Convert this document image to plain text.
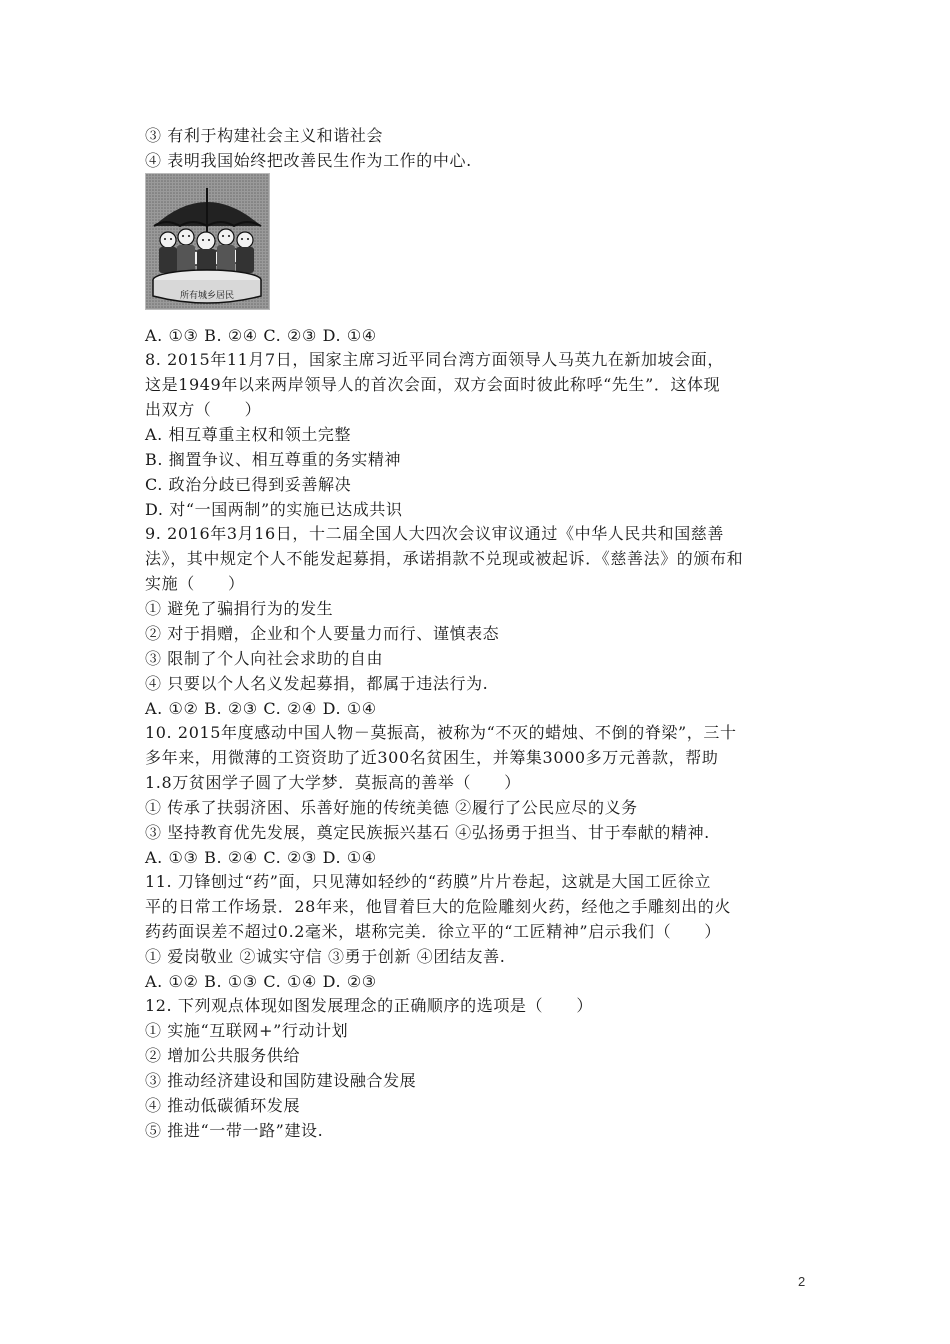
③ 有利于构建社会主义和谐社会
④ 表明我国始终把改善民生作为工作的中心.
所有城乡居民
A. ①③ B. ②④ C. ②③ D. ①④
8. 2015年11月7日，国家主席习近平同台湾方面领导人马英九在新加坡会面，
这是1949年以来两岸领导人的首次会面，双方会面时彼此称呼“先生”．这体现
出双方（　　）
A. 相互尊重主权和领土完整
B. 搁置争议、相互尊重的务实精神
C. 政治分歧已得到妥善解决
D. 对“一国两制”的实施已达成共识
9. 2016年3月16日，十二届全国人大四次会议审议通过《中华人民共和国慈善
法》，其中规定个人不能发起募捐，承诺捐款不兑现或被起诉．《慈善法》的颁布和
实施（　　）
① 避免了骗捐行为的发生
② 对于捐赠，企业和个人要量力而行、谨慎表态
③ 限制了个人向社会求助的自由
④ 只要以个人名义发起募捐，都属于违法行为.
A. ①② B. ②③ C. ②④ D. ①④
10. 2015年度感动中国人物－莫振高，被称为“不灭的蜡烛、不倒的脊梁”，三十
多年来，用微薄的工资资助了近300名贫困生，并筹集3000多万元善款，帮助
1.8万贫困学子圆了大学梦．莫振高的善举（　　）
① 传承了扶弱济困、乐善好施的传统美德 ②履行了公民应尽的义务
③ 坚持教育优先发展，奠定民族振兴基石 ④弘扬勇于担当、甘于奉献的精神.
A. ①③ B. ②④ C. ②③ D. ①④
11. 刀锋刨过“药”面，只见薄如轻纱的“药膜”片片卷起，这就是大国工匠徐立
平的日常工作场景．28年来，他冒着巨大的危险雕刻火药，经他之手雕刻出的火
药药面误差不超过0.2毫米，堪称完美．徐立平的“工匠精神”启示我们（　　）
① 爱岗敬业 ②诚实守信 ③勇于创新 ④团结友善.
A. ①② B. ①③ C. ①④ D. ②③
12. 下列观点体现如图发展理念的正确顺序的选项是（　　）
① 实施“互联网+”行动计划
② 增加公共服务供给
③ 推动经济建设和国防建设融合发展
④ 推动低碳循环发展
⑤ 推进“一带一路”建设.
2
